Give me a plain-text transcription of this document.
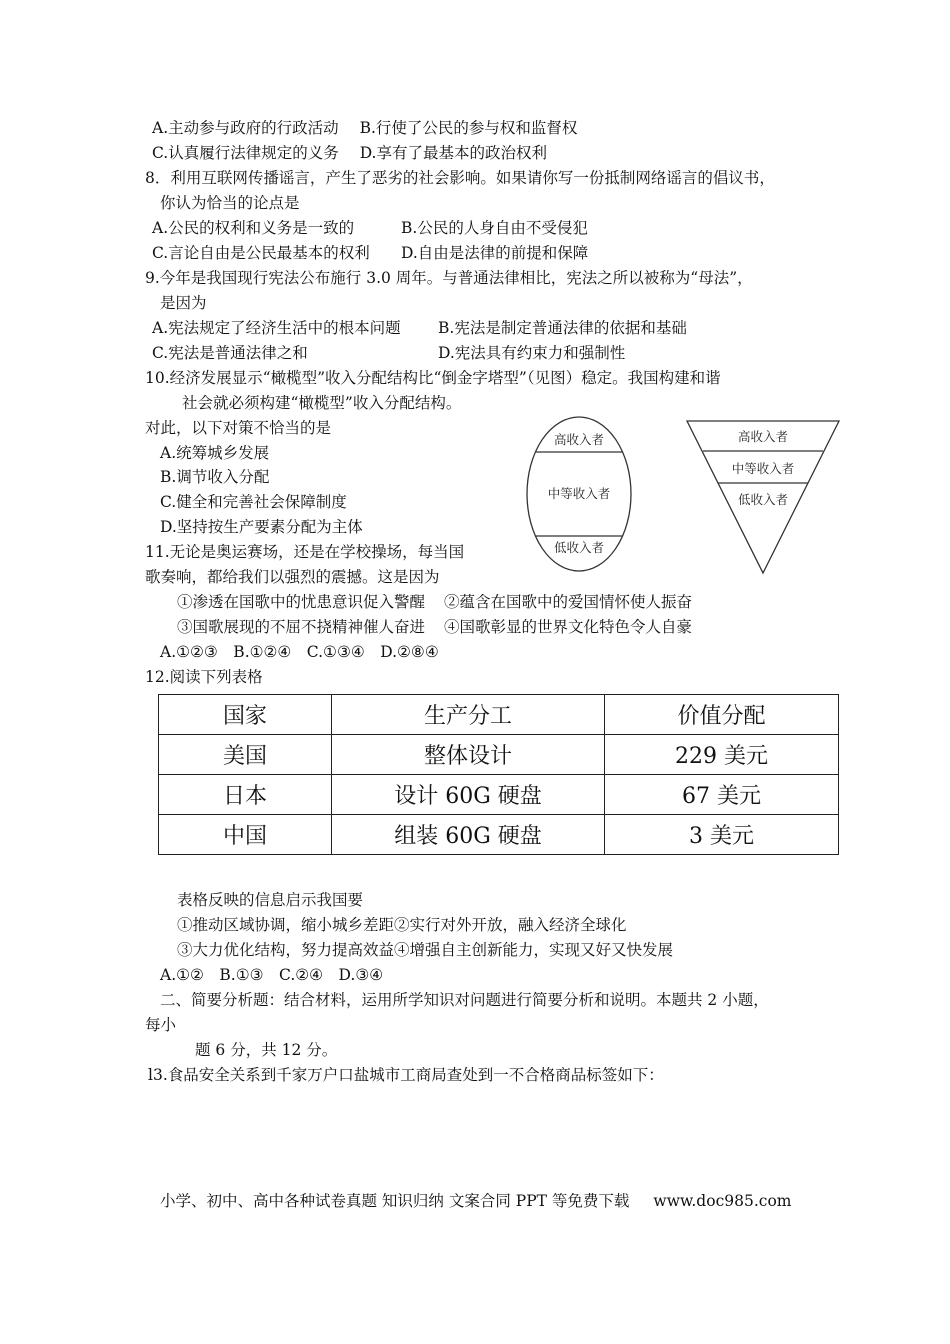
A.主动参与政府的行政活动 B.行使了公民的参与权和监督权
C.认真履行法律规定的义务 D.享有了最基本的政治权利
8．利用互联网传播谣言，产生了恶劣的社会影响。如果请你写一份抵制网络谣言的倡议书，
你认为恰当的论点是
A.公民的权利和义务是一致的	B.公民的人身自由不受侵犯
C.言论自由是公民最基本的权利 D.自由是法律的前提和保障
9.今年是我国现行宪法公布施行 3.0 周年。与普通法律相比，宪法之所以被称为“母法”，
是因为
A.宪法规定了经济生活中的根本问题 B.宪法是制定普通法律的依据和基础
C.宪法是普通法律之和	D.宪法具有约束力和强制性
10.经济发展显示“橄榄型”收入分配结构比“倒金字塔型”（见图）稳定。我国构建和谐
社会就必须构建“橄榄型”收入分配结构。
对此，以下对策不恰当的是
A.统筹城乡发展
B.调节收入分配
C.健全和完善社会保障制度
D.坚持按生产要素分配为主体
高收入者
中等收入者
低收入者
高收入者
中等收入者
低收入者
11.无论是奥运赛场，还是在学校操场，每当国
歌奏响，都给我们以强烈的震撼。这是因为
①渗透在国歌中的忧患意识促入警醒 ②蕴含在国歌中的爱国情怀使人振奋
③国歌展现的不屈不挠精神催人奋进 ④国歌彰显的世界文化特色令人自豪
A.①②③　B.①②④　C.①③④　D.②⑧④
12.阅读下列表格
国家	生产分工	价值分配
美国	整体设计	229 美元
日本	设计 60G 硬盘	67 美元
中国	组装 60G 硬盘	3 美元
表格反映的信息启示我国要
①推动区域协调，缩小城乡差距②实行对外开放，融入经济全球化
③大力优化结构，努力提高效益④增强自主创新能力，实现又好又快发展
A.①②　B.①③　C.②④　D.③④
二、简要分析题：结合材料，运用所学知识对问题进行简要分析和说明。本题共 2 小题，
每小
题 6 分，共 12 分。
l3.食品安全关系到千家万户口盐城市工商局查处到一不合格商品标签如下：
小学、初中、高中各种试卷真题 知识归纳 文案合同 PPT 等免费下载 www.doc985.com
